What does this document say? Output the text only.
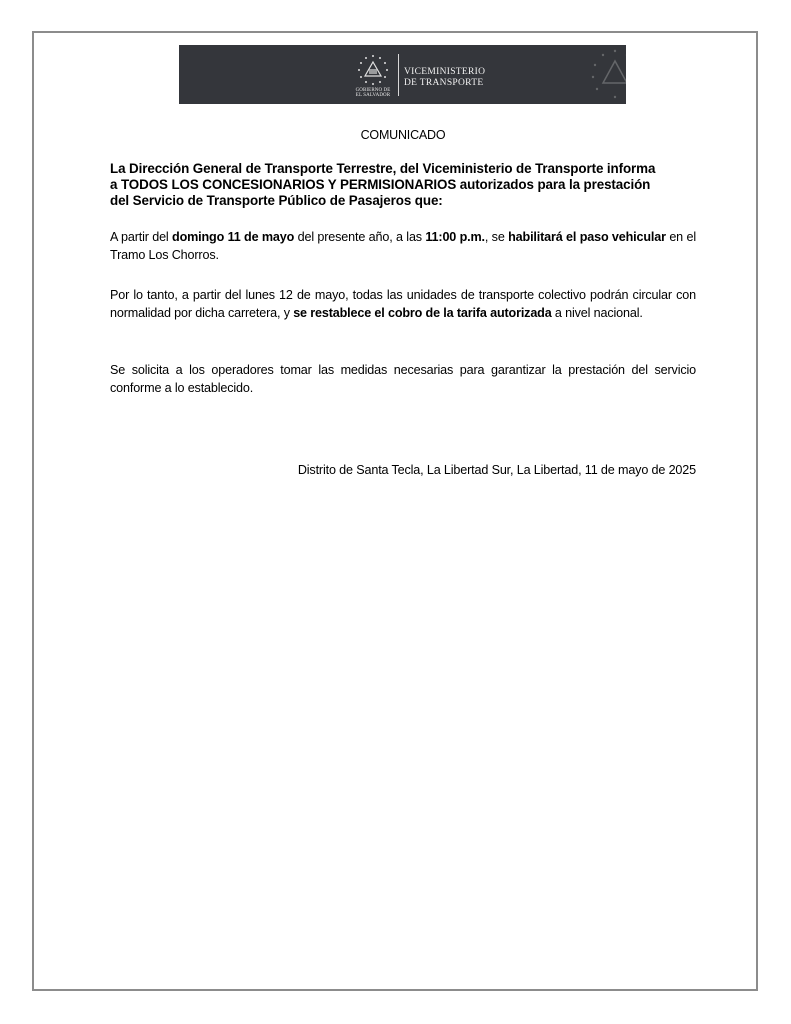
GOBIERNO DE
EL SALVADOR
VICEMINISTERIO
DE TRANSPORTE
COMUNICADO
La Dirección General de Transporte Terrestre, del Viceministerio de Transporte informa
a TODOS LOS CONCESIONARIOS Y PERMISIONARIOS autorizados para la prestación
del Servicio de Transporte Público de Pasajeros que:
A partir del domingo 11 de mayo del presente año, a las 11:00 p.m., se habilitará el paso vehicular en el Tramo Los Chorros.
Por lo tanto, a partir del lunes 12 de mayo, todas las unidades de transporte colectivo podrán circular con normalidad por dicha carretera, y se restablece el cobro de la tarifa autorizada a nivel nacional.
Se solicita a los operadores tomar las medidas necesarias para garantizar la prestación del servicio conforme a lo establecido.
Distrito de Santa Tecla, La Libertad Sur, La Libertad, 11 de mayo de 2025
